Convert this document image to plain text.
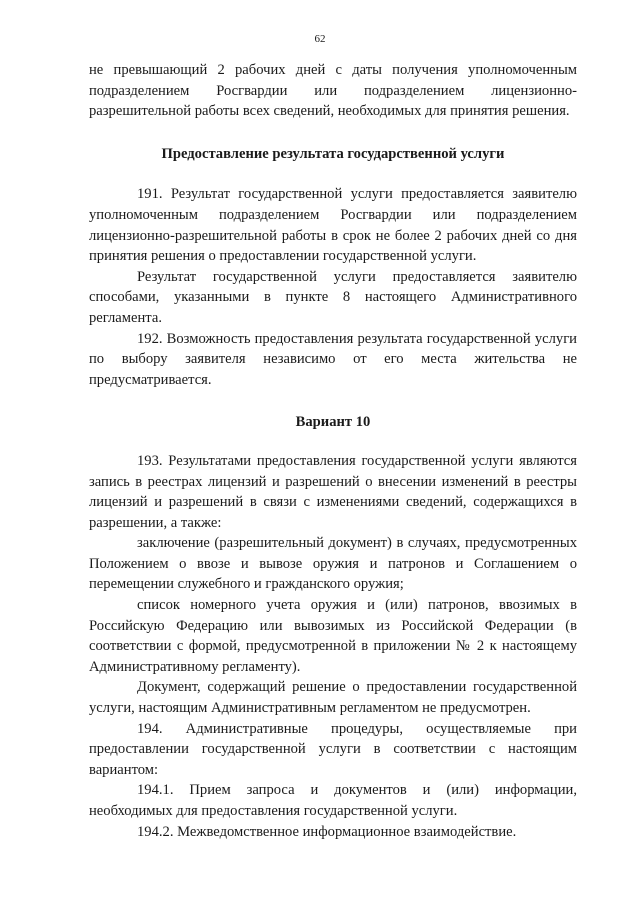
62

не превышающий 2 рабочих дней с даты получения уполномоченным подразделением Росгвардии или подразделением лицензионно-разрешительной работы всех сведений, необходимых для принятия решения.

Предоставление результата государственной услуги

191. Результат государственной услуги предоставляется заявителю уполномоченным подразделением Росгвардии или подразделением лицензионно-разрешительной работы в срок не более 2 рабочих дней со дня принятия решения о предоставлении государственной услуги.

Результат государственной услуги предоставляется заявителю способами, указанными в пункте 8 настоящего Административного регламента.

192. Возможность предоставления результата государственной услуги по выбору заявителя независимо от его места жительства не предусматривается.

Вариант 10

193. Результатами предоставления государственной услуги являются запись в реестрах лицензий и разрешений о внесении изменений в реестры лицензий и разрешений в связи с изменениями сведений, содержащихся в разрешении, а также:

заключение (разрешительный документ) в случаях, предусмотренных Положением о ввозе и вывозе оружия и патронов и Соглашением о перемещении служебного и гражданского оружия;

список номерного учета оружия и (или) патронов, ввозимых в Российскую Федерацию или вывозимых из Российской Федерации (в соответствии с формой, предусмотренной в приложении № 2 к настоящему Административному регламенту).

Документ, содержащий решение о предоставлении государственной услуги, настоящим Административным регламентом не предусмотрен.

194. Административные процедуры, осуществляемые при предоставлении государственной услуги в соответствии с настоящим вариантом:

194.1. Прием запроса и документов и (или) информации, необходимых для предоставления государственной услуги.

194.2. Межведомственное информационное взаимодействие.
